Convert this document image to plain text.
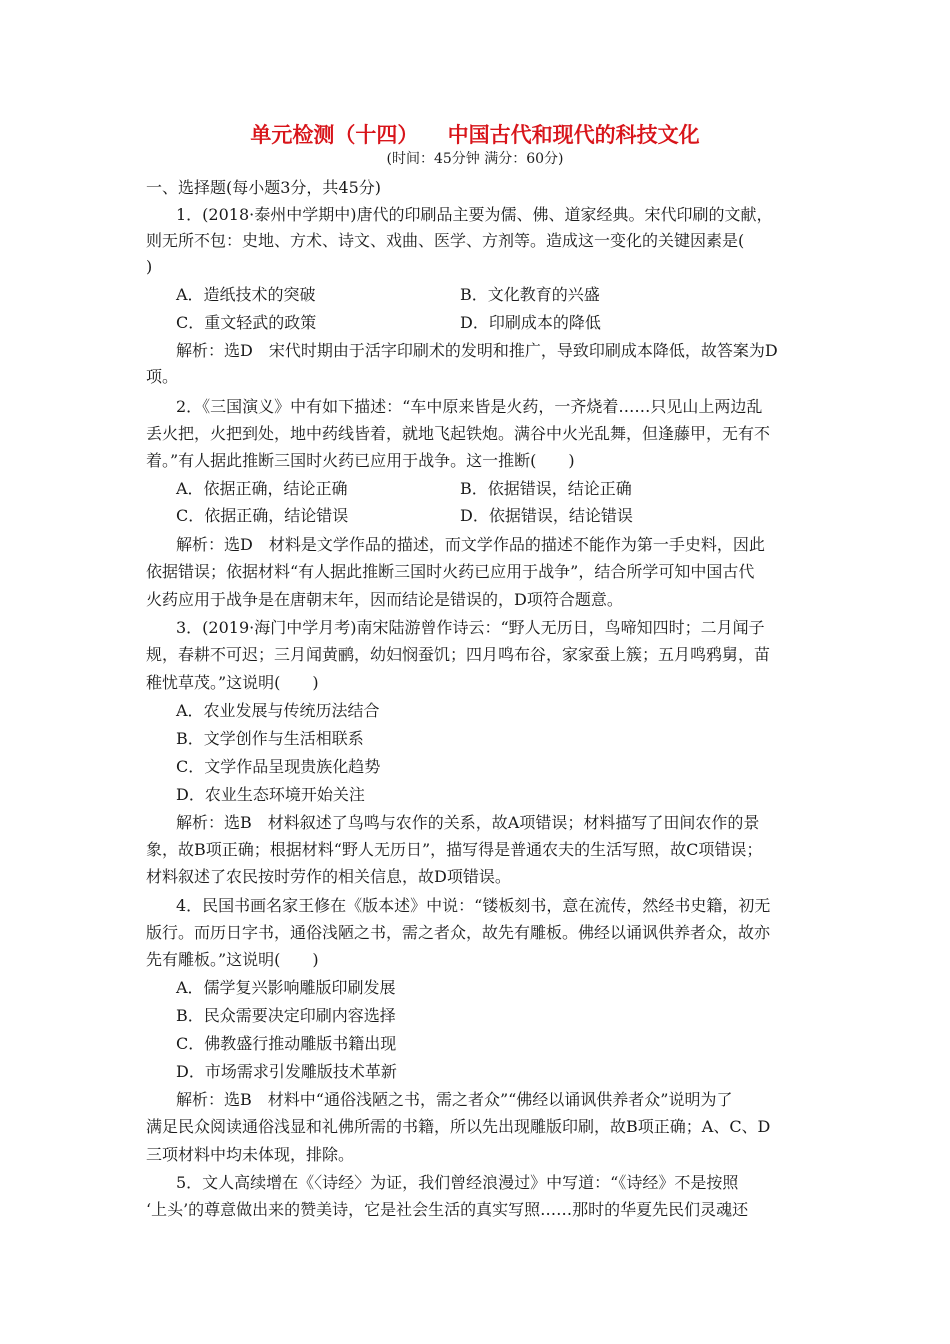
单元检测（十四）    中国古代和现代的科技文化
(时间：45分钟 满分：60分)
一、选择题(每小题3分，共45分)
1．(2018·泰州中学期中)唐代的印刷品主要为儒、佛、道家经典。宋代印刷的文献，
则无所不包：史地、方术、诗文、戏曲、医学、方剂等。造成这一变化的关键因素是(
)
A．造纸技术的突破	B．文化教育的兴盛
C．重文轻武的政策	D．印刷成本的降低
解析：选D　宋代时期由于活字印刷术的发明和推广，导致印刷成本降低，故答案为D
项。
2．《三国演义》中有如下描述：“车中原来皆是火药，一齐烧着……只见山上两边乱
丢火把，火把到处，地中药线皆着，就地飞起铁炮。满谷中火光乱舞，但逢藤甲，无有不
着。”有人据此推断三国时火药已应用于战争。这一推断(　　)
A．依据正确，结论正确	B．依据错误，结论正确
C．依据正确，结论错误	D．依据错误，结论错误
解析：选D　材料是文学作品的描述，而文学作品的描述不能作为第一手史料，因此
依据错误；依据材料“有人据此推断三国时火药已应用于战争”，结合所学可知中国古代
火药应用于战争是在唐朝末年，因而结论是错误的，D项符合题意。
3．(2019·海门中学月考)南宋陆游曾作诗云：“野人无历日，鸟啼知四时；二月闻子
规，春耕不可迟；三月闻黄鹂，幼妇悯蚕饥；四月鸣布谷，家家蚕上簇；五月鸣鸦舅，苗
稚忧草茂。”这说明(　　)
A．农业发展与传统历法结合
B．文学创作与生活相联系
C．文学作品呈现贵族化趋势
D．农业生态环境开始关注
解析：选B　材料叙述了鸟鸣与农作的关系，故A项错误；材料描写了田间农作的景
象，故B项正确；根据材料“野人无历日”，描写得是普通农夫的生活写照，故C项错误；
材料叙述了农民按时劳作的相关信息，故D项错误。
4．民国书画名家王修在《版本述》中说：“镂板刻书，意在流传，然经书史籍，初无
版行。而历日字书，通俗浅陋之书，需之者众，故先有雕板。佛经以诵讽供养者众，故亦
先有雕板。”这说明(　　)
A．儒学复兴影响雕版印刷发展
B．民众需要决定印刷内容选择
C．佛教盛行推动雕版书籍出现
D．市场需求引发雕版技术革新
解析：选B　材料中“通俗浅陋之书，需之者众”“佛经以诵讽供养者众”说明为了
满足民众阅读通俗浅显和礼佛所需的书籍，所以先出现雕版印刷，故B项正确；A、C、D
三项材料中均未体现，排除。
5．文人高续增在《〈诗经〉为证，我们曾经浪漫过》中写道：“《诗经》不是按照
‘上头’的尊意做出来的赞美诗，它是社会生活的真实写照……那时的华夏先民们灵魂还
